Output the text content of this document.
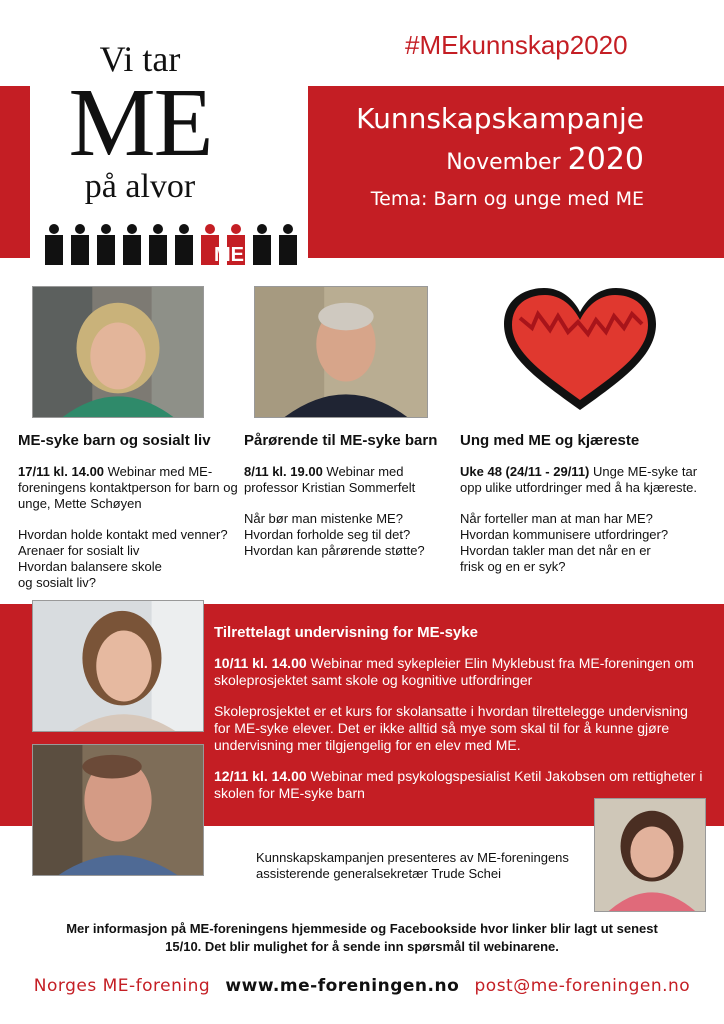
#MEkunnskap2020
Vi tar
ME
på alvor
ME
Kunnskapskampanje
November 2020
Tema: Barn og unge med ME
ME-syke barn og sosialt liv Pårørende til ME-syke barn Ung med ME og kjæreste

17/11 kl. 14.00 Webinar med ME-foreningens kontaktperson for barn og unge, Mette Schøyen

Hvordan holde kontakt med venner?
Arenaer for sosialt liv
Hvordan balansere skole og sosialt liv?

8/11 kl. 19.00 Webinar med professor Kristian Sommerfelt

Når bør man mistenke ME?
Hvordan forholde seg til det?
Hvordan kan pårørende støtte?

Uke 48 (24/11 - 29/11) Unge ME-syke tar opp ulike utfordringer med å ha kjæreste.

Når forteller man at man har ME?
Hvordan kommunisere utfordringer?
Hvordan takler man det når en er frisk og en er syk?
Tilrettelagt undervisning for ME-syke
10/11 kl. 14.00 Webinar med sykepleier Elin Myklebust fra ME-foreningen om skoleprosjektet samt skole og kognitive utfordringer
Skoleprosjektet er et kurs for skolansatte i hvordan tilrettelegge undervisning for ME-syke elever. Det er ikke alltid så mye som skal til for å kunne gjøre undervisning mer tilgjengelig for en elev med ME.
12/11 kl. 14.00 Webinar med psykologspesialist Ketil Jakobsen om rettigheter i skolen for ME-syke barn
Kunnskapskampanjen presenteres av ME-foreningens assisterende generalsekretær Trude Schei
Mer informasjon på ME-foreningens hjemmeside og Facebookside hvor linker blir lagt ut senest 15/10. Det blir mulighet for å sende inn spørsmål til webinarene.
Norges ME-forening www.me-foreningen.no post@me-foreningen.no
